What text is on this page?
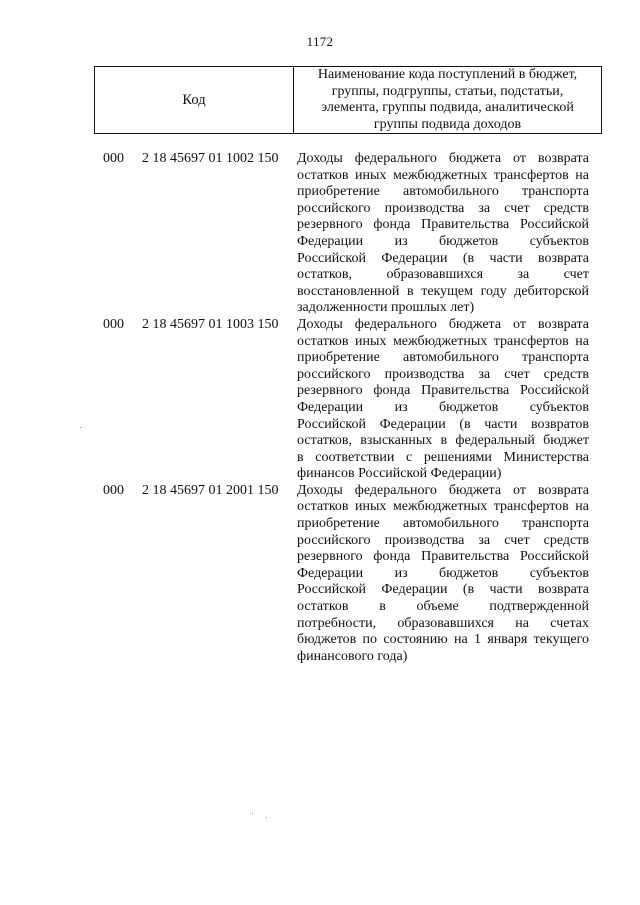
1172
Код
Наименование кода поступлений в бюджет,
группы, подгруппы, статьи, подстатьи,
элемента, группы подвида, аналитической
группы подвида доходов
000 2 18 45697 01 1002 150 Доходы федерального бюджета от возврата
остатков иных межбюджетных трансфертов на
приобретение автомобильного транспорта
российского производства за счет средств
резервного фонда Правительства Российской
Федерации из бюджетов субъектов
Российской Федерации (в части возврата
остатков, образовавшихся за счет
восстановленной в текущем году дебиторской
задолженности прошлых лет)
000 2 18 45697 01 1003 150 Доходы федерального бюджета от возврата
остатков иных межбюджетных трансфертов на
приобретение автомобильного транспорта
российского производства за счет средств
резервного фонда Правительства Российской
Федерации из бюджетов субъектов
Российской Федерации (в части возвратов
остатков, взысканных в федеральный бюджет
в соответствии с решениями Министерства
финансов Российской Федерации)
000 2 18 45697 01 2001 150 Доходы федерального бюджета от возврата
остатков иных межбюджетных трансфертов на
приобретение автомобильного транспорта
российского производства за счет средств
резервного фонда Правительства Российской
Федерации из бюджетов субъектов
Российской Федерации (в части возврата
остатков в объеме подтвержденной
потребности, образовавшихся на счетах
бюджетов по состоянию на 1 января текущего
финансового года)
